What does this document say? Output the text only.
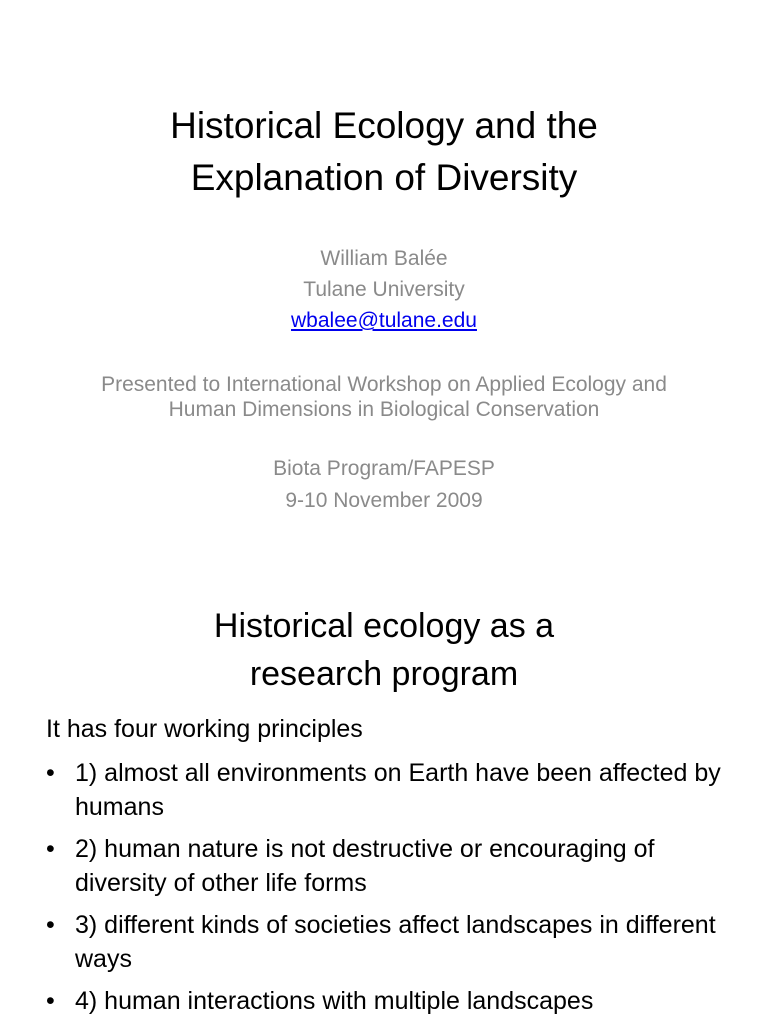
Historical Ecology and the
Explanation of Diversity
William Balée
Tulane University
wbalee@tulane.edu
Presented to International Workshop on Applied Ecology and Human Dimensions in Biological Conservation
Biota Program/FAPESP
9-10 November 2009
Historical ecology as a
research program
It has four working principles
• 1) almost all environments on Earth have been affected by humans
• 2) human nature is not destructive or encouraging of diversity of other life forms
• 3) different kinds of societies affect landscapes in different ways
• 4) human interactions with multiple landscapes
